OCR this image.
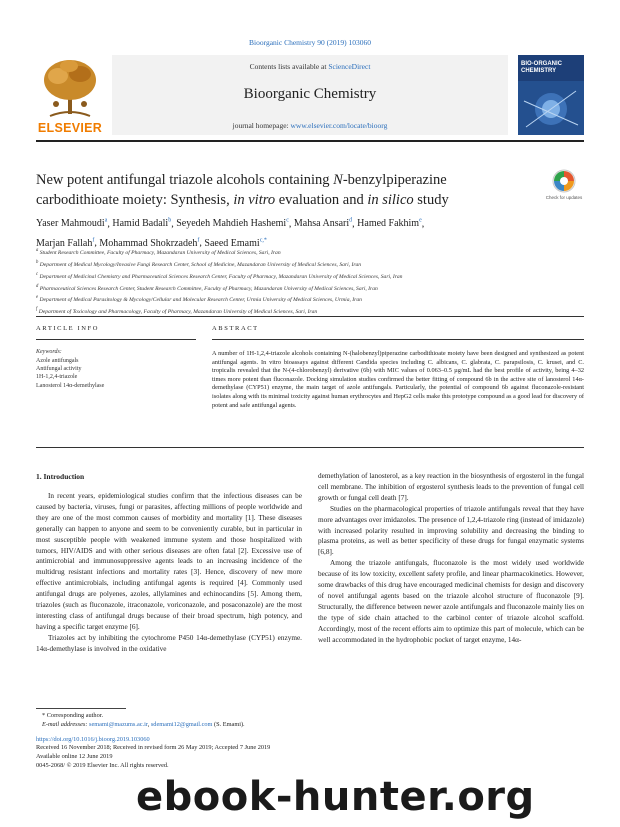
Bioorganic Chemistry 90 (2019) 103060
ELSEVIER
Contents lists available at ScienceDirect
Bioorganic Chemistry
journal homepage: www.elsevier.com/locate/bioorg
BIO-ORGANIC CHEMISTRY
New potent antifungal triazole alcohols containing N-benzylpiperazine
carbodithioate moiety: Synthesis, in vitro evaluation and in silico study	Check for updates
Yaser Mahmoudi$^a$, Hamid Badali$^b$, Seyedeh Mahdieh Hashemi$^c$, Mahsa Ansari$^d$, Hamed Fakhim$^e$,
Marjan Fallah$^f$, Mohammad Shokrzadeh$^f$, Saeed Emami$^{c,*}$
$^a$ Student Research Committee, Faculty of Pharmacy, Mazandaran University of Medical Sciences, Sari, Iran
$^b$ Department of Medical Mycology/Invasive Fungi Research Center, School of Medicine, Mazandaran University of Medical Sciences, Sari, Iran
$^c$ Department of Medicinal Chemistry and Pharmaceutical Sciences Research Center, Faculty of Pharmacy, Mazandaran University of Medical Sciences, Sari, Iran
$^d$ Pharmaceutical Sciences Research Center, Student Research Committee, Faculty of Pharmacy, Mazandaran University of Medical Sciences, Sari, Iran
$^e$ Department of Medical Parasitology & Mycology/Cellular and Molecular Research Center, Urmia University of Medical Sciences, Urmia, Iran
$^f$ Department of Toxicology and Pharmacology, Faculty of Pharmacy, Mazandaran University of Medical Sciences, Sari, Iran
ARTICLE INFO	ABSTRACT
Keywords:
Azole antifungals
Antifungal activity
1H-1,2,4-triazole
Lanosterol 14α-demethylase
A number of 1H-1,2,4-triazole alcohols containing N-(halobenzyl)piperazine carbodithioate moiety have been designed and synthesized as potent antifungal agents. In vitro bioassays against different Candida species including C. albicans, C. glabrata, C. parapsilosis, C. krusei, and C. tropicalis revealed that the N-(4-chlorobenzyl) derivative (6b) with MIC values of 0.063–0.5 µg/mL had the best profile of activity, being 4–32 times more potent than fluconazole. Docking simulation studies confirmed the better fitting of compound 6b in the active site of lanosterol 14α-demethylase (CYP51) enzyme, the main target of azole antifungals. Particularly, the potential of compound 6b against fluconazole-resistant isolates along with its minimal toxicity against human erythrocytes and HepG2 cells make this prototype compound as a good lead for discovery of potent and safe antifungal agents.
1. Introduction

In recent years, epidemiological studies confirm that the infectious diseases can be caused by bacteria, viruses, fungi or parasites, affecting millions of people worldwide and they are one of the most common causes of morbidity and mortality [1]. These diseases generally can happen to anyone and seem to be conveniently curable, but in particular in most susceptible people with weakened immune system and those hospitalized with tumors, HIV/AIDS and with other serious diseases are often fatal [2]. Excessive use of antimicrobial and immunosuppressive agents leads to an increasing incidence of the multidrug resistant infections and mortality rates [3]. Hence, discovery of new more effective antimicrobials, including antifungal agents is required [4]. Commonly used antifungal drugs are polyenes, azoles, allylamines and echinocandins [5]. Among them, triazoles (such as fluconazole, itraconazole, voriconazole, and posaconazole) are the most interesting class of antifungal drugs because of their broad spectrum, high potency, and having a specific target enzyme [6].

Triazoles act by inhibiting the cytochrome P450 14α-demethylase (CYP51) enzyme. 14α-demethylase is involved in the oxidative

demethylation of lanosterol, as a key reaction in the biosynthesis of ergosterol in the fungal cell membrane. The inhibition of ergosterol synthesis leads to the prevention of fungal cell growth or fungal cell death [7].

Studies on the pharmacological properties of triazole antifungals reveal that they have more advantages over imidazoles. The presence of 1,2,4-triazole ring (instead of imidazole) with increased polarity resulted in improving solubility and decreasing the binding to plasma proteins, as well as better specificity of these drugs for fungal enzymatic systems [6,8].

Among the triazole antifungals, fluconazole is the most widely used worldwide because of its low toxicity, excellent safety profile, and linear pharmacokinetics. However, some drawbacks of this drug have encouraged medicinal chemists for design and discovery of novel antifungal agents based on the triazole alcohol structure of fluconazole [9]. Structurally, the difference between newer azole antifungals and fluconazole mainly lies on the type of side chain attached to the carbinol center of triazole alcohol scaffold. Accordingly, most of the recent efforts aim to optimize this part of molecule, which can be well accommodated in the hydrophobic pocket of target enzyme, 14α-

* Corresponding author.
E-mail addresses: semami@mazums.ac.ir, sdemami12@gmail.com (S. Emami).
https://doi.org/10.1016/j.bioorg.2019.103060
Received 16 November 2018; Received in revised form 26 May 2019; Accepted 7 June 2019
Available online 12 June 2019
0045-2068/ © 2019 Elsevier Inc. All rights reserved.
ebook-hunter.org
